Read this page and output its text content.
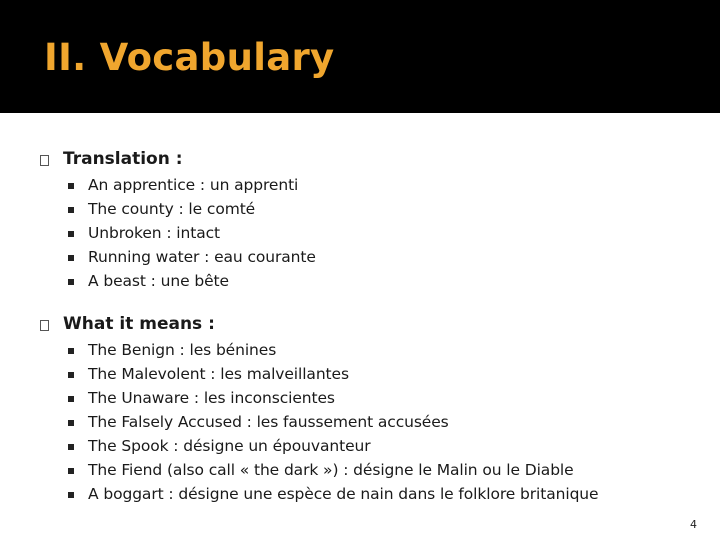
II. Vocabulary
Translation :
An apprentice : un apprenti
The county : le comté
Unbroken : intact
Running water : eau courante
A beast : une bête
What it means :
The Benign : les bénines
The Malevolent : les malveillantes
The Unaware : les inconscientes
The Falsely Accused : les faussement accusées
The Spook : désigne un épouvanteur
The Fiend (also call « the dark ») : désigne le Malin ou le Diable
A boggart : désigne une espèce de nain dans le folklore britanique
4
